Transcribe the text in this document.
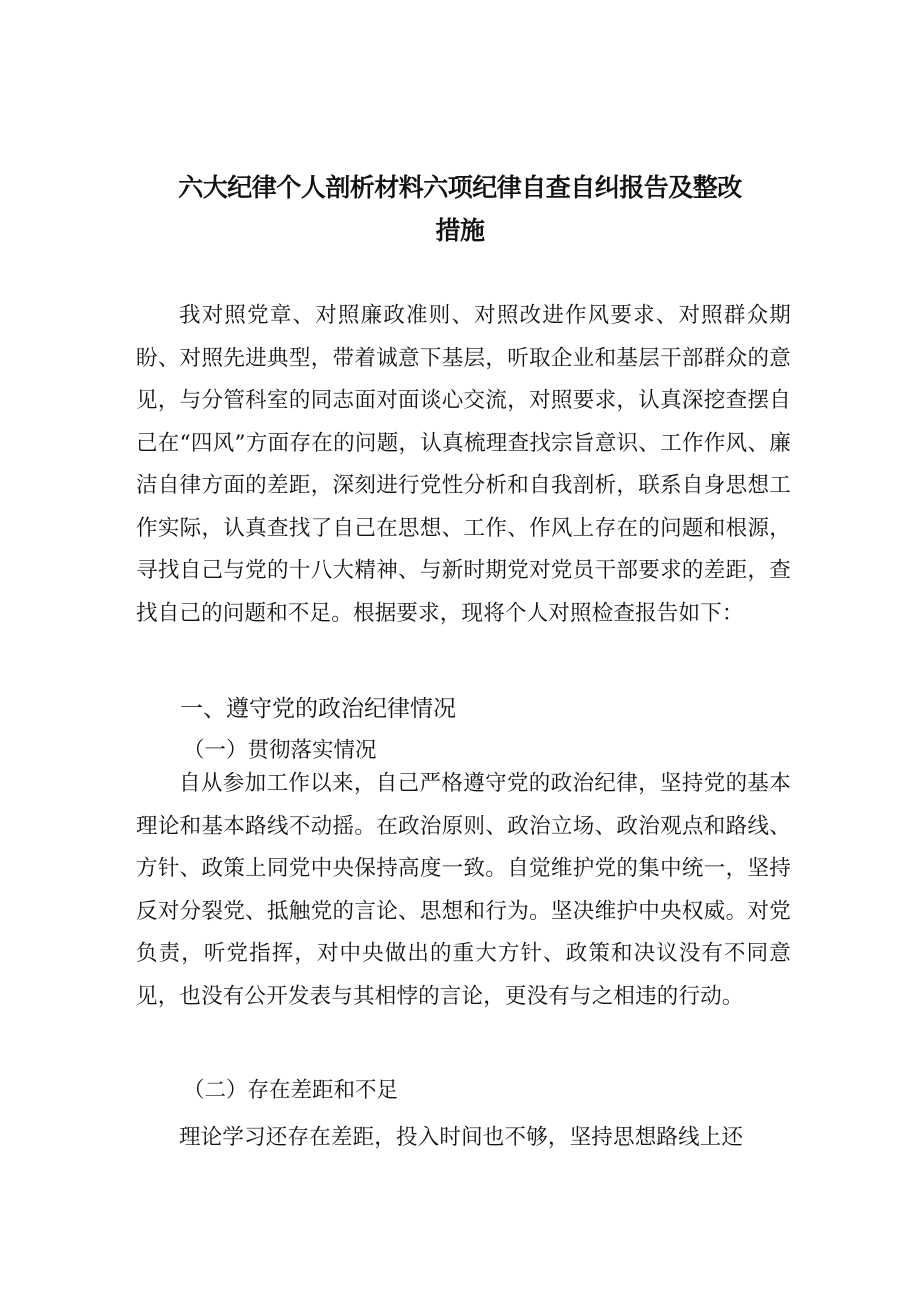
六大纪律个人剖析材料六项纪律自查自纠报告及整改
措施

我对照党章、对照廉政准则、对照改进作风要求、对照群众期盼、对照先进典型，带着诚意下基层，听取企业和基层干部群众的意见，与分管科室的同志面对面谈心交流，对照要求，认真深挖查摆自己在“四风”方面存在的问题，认真梳理查找宗旨意识、工作作风、廉洁自律方面的差距，深刻进行党性分析和自我剖析，联系自身思想工作实际，认真查找了自己在思想、工作、作风上存在的问题和根源，寻找自己与党的十八大精神、与新时期党对党员干部要求的差距，查找自己的问题和不足。根据要求，现将个人对照检查报告如下：

一、遵守党的政治纪律情况
（一）贯彻落实情况

自从参加工作以来，自己严格遵守党的政治纪律，坚持党的基本理论和基本路线不动摇。在政治原则、政治立场、政治观点和路线、方针、政策上同党中央保持高度一致。自觉维护党的集中统一，坚持反对分裂党、抵触党的言论、思想和行为。坚决维护中央权威。对党负责，听党指挥，对中央做出的重大方针、政策和决议没有不同意见，也没有公开发表与其相悖的言论，更没有与之相违的行动。

（二）存在差距和不足

理论学习还存在差距，投入时间也不够，坚持思想路线上还
